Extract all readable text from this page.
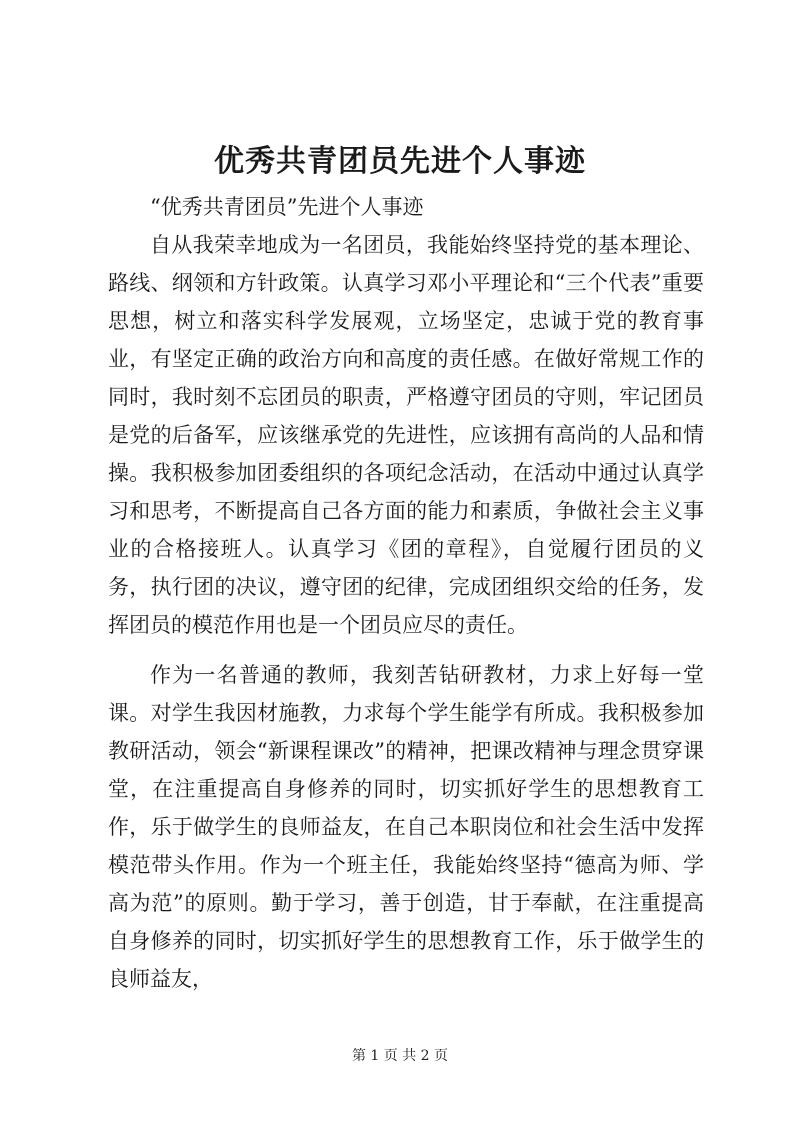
优秀共青团员先进个人事迹

“优秀共青团员”先进个人事迹

自从我荣幸地成为一名团员，我能始终坚持党的基本理论、路线、纲领和方针政策。认真学习邓小平理论和“三个代表”重要思想，树立和落实科学发展观，立场坚定，忠诚于党的教育事业，有坚定正确的政治方向和高度的责任感。在做好常规工作的同时，我时刻不忘团员的职责，严格遵守团员的守则，牢记团员是党的后备军，应该继承党的先进性，应该拥有高尚的人品和情操。我积极参加团委组织的各项纪念活动，在活动中通过认真学习和思考，不断提高自己各方面的能力和素质，争做社会主义事业的合格接班人。认真学习《团的章程》，自觉履行团员的义务，执行团的决议，遵守团的纪律，完成团组织交给的任务，发挥团员的模范作用也是一个团员应尽的责任。

作为一名普通的教师，我刻苦钻研教材，力求上好每一堂课。对学生我因材施教，力求每个学生能学有所成。我积极参加教研活动，领会“新课程课改”的精神，把课改精神与理念贯穿课堂，在注重提高自身修养的同时，切实抓好学生的思想教育工作，乐于做学生的良师益友，在自己本职岗位和社会生活中发挥模范带头作用。作为一个班主任，我能始终坚持“德高为师、学高为范”的原则。勤于学习，善于创造，甘于奉献，在注重提高自身修养的同时，切实抓好学生的思想教育工作，乐于做学生的良师益友，

第 1 页 共 2 页
